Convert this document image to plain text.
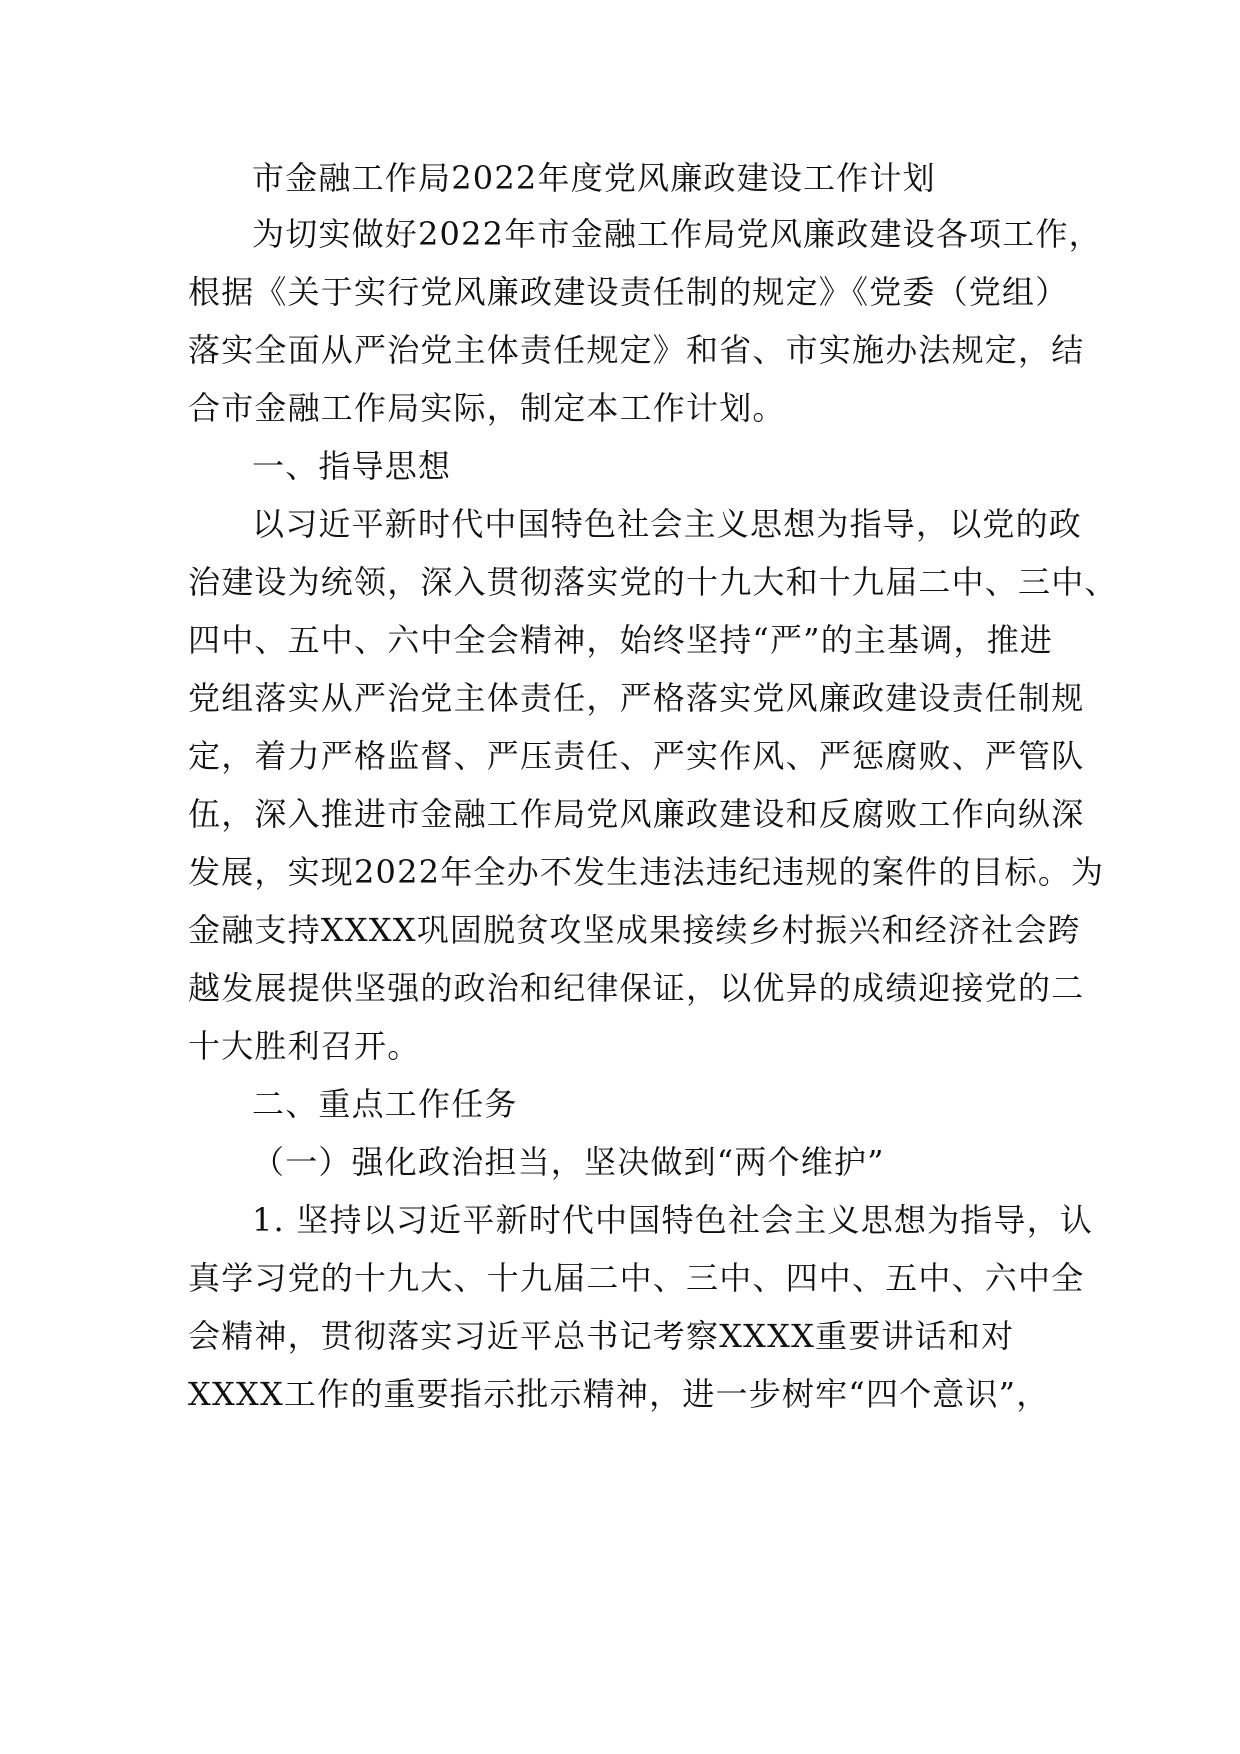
市金融工作局2022年度党风廉政建设工作计划
为切实做好2022年市金融工作局党风廉政建设各项工作，
根据《关于实行党风廉政建设责任制的规定》《党委（党组）
落实全面从严治党主体责任规定》和省、市实施办法规定，结
合市金融工作局实际，制定本工作计划。
一、指导思想
以习近平新时代中国特色社会主义思想为指导，以党的政
治建设为统领，深入贯彻落实党的十九大和十九届二中、三中、
四中、五中、六中全会精神，始终坚持“严”的主基调，推进
党组落实从严治党主体责任，严格落实党风廉政建设责任制规
定，着力严格监督、严压责任、严实作风、严惩腐败、严管队
伍，深入推进市金融工作局党风廉政建设和反腐败工作向纵深
发展，实现2022年全办不发生违法违纪违规的案件的目标。为
金融支持XXXX巩固脱贫攻坚成果接续乡村振兴和经济社会跨
越发展提供坚强的政治和纪律保证，以优异的成绩迎接党的二
十大胜利召开。
二、重点工作任务
（一）强化政治担当，坚决做到“两个维护”
1. 坚持以习近平新时代中国特色社会主义思想为指导，认
真学习党的十九大、十九届二中、三中、四中、五中、六中全
会精神，贯彻落实习近平总书记考察XXXX重要讲话和对
XXXX工作的重要指示批示精神，进一步树牢“四个意识”，
